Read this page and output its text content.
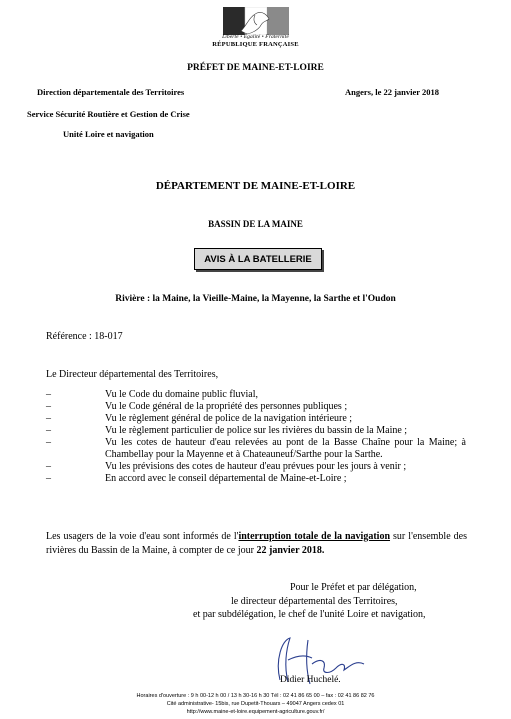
Liberté • Égalité • Fraternité
RÉPUBLIQUE FRANÇAISE
PRÉFET DE MAINE-ET-LOIRE
Direction départementale des Territoires	Angers, le 22 janvier 2018
Service Sécurité Routière et Gestion de Crise
Unité Loire et navigation
DÉPARTEMENT DE MAINE-ET-LOIRE
BASSIN DE LA MAINE
AVIS À LA BATELLERIE
Rivière : la Maine, la Vieille-Maine, la Mayenne, la Sarthe et l'Oudon
Référence : 18-017
Le Directeur départemental des Territoires,
–	Vu le Code du domaine public fluvial,
–	Vu le Code général de la propriété des personnes publiques ;
–	Vu le règlement général de police de la navigation intérieure ;
–	Vu le règlement particulier de police sur les rivières du bassin de la Maine ;
–	Vu les cotes de hauteur d'eau relevées au pont de la Basse Chaîne pour la Maine; à Chambellay pour la Mayenne et à Chateauneuf/Sarthe pour la Sarthe.
–	Vu les prévisions des cotes de hauteur d'eau prévues pour les jours à venir ;
–	En accord avec le conseil départemental de Maine-et-Loire ;
Les usagers de la voie d'eau sont informés de l'interruption totale de la navigation sur l'ensemble des rivières du Bassin de la Maine, à compter de ce jour 22 janvier 2018.
Pour le Préfet et par délégation,
le directeur départemental des Territoires,
et par subdélégation, le chef de l'unité Loire et navigation,
Didier Huchelé.
Horaires d'ouverture : 9 h 00-12 h 00 / 13 h 30-16 h 30 Tél : 02 41 86 65 00 – fax : 02 41 86 82 76
Cité administrative- 15bis, rue Dupetit-Thouars – 49047 Angers cedex 01
http://www.maine-et-loire.equipement-agriculture.gouv.fr/
